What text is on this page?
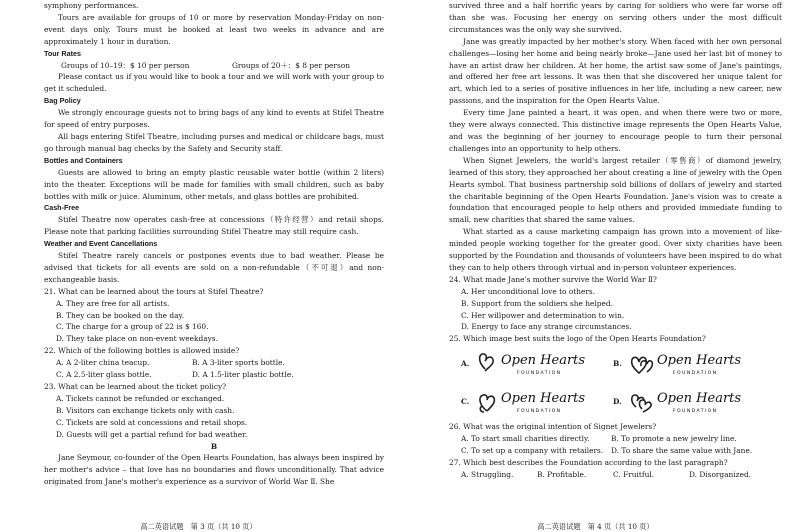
symphony performances.
Tours are available for groups of 10 or more by reservation Monday-Friday on non-event days only. Tours must be booked at least two weeks in advance and are approximately 1 hour in duration.
Tour Rates
Groups of 10–19：$ 10 per person	Groups of 20＋：$ 8 per person
Please contact us if you would like to book a tour and we will work with your group to get it scheduled.
Bag Policy
We strongly encourage guests not to bring bags of any kind to events at Stifel Theatre for speed of entry purposes.
All bags entering Stifel Theatre, including purses and medical or childcare bags, must go through manual bag checks by the Safety and Security staff.
Bottles and Containers
Guests are allowed to bring an empty plastic reusable water bottle (within 2 liters) into the theater. Exceptions will be made for families with small children, such as baby bottles with milk or juice. Aluminum, other metals, and glass bottles are prohibited.
Cash-Free
Stifel Theatre now operates cash-free at concessions（特许经营）and retail shops. Please note that parking facilities surrounding Stifel Theatre may still require cash.
Weather and Event Cancellations
Stifel Theatre rarely cancels or postpones events due to bad weather. Please be advised that tickets for all events are sold on a non-refundable（不可退）and non-exchangeable basis.
21. What can be learned about the tours at Stifel Theatre?
A. They are free for all artists.
B. They can be booked on the day.
C. The charge for a group of 22 is $ 160.
D. They take place on non-event weekdays.
22. Which of the following bottles is allowed inside?
A. A 2-liter china teacup.	B. A 3-liter sports bottle.
C. A 2.5-liter glass bottle.	D. A 1.5-liter plastic bottle.
23. What can be learned about the ticket policy?
A. Tickets cannot be refunded or exchanged.
B. Visitors can exchange tickets only with cash.
C. Tickets are sold at concessions and retail shops.
D. Guests will get a partial refund for bad weather.
B
Jane Seymour, co-founder of the Open Hearts Foundation, has always been inspired by her mother's advice – that love has no boundaries and flows unconditionally. That advice originated from Jane's mother's experience as a survivor of World War Ⅱ. She
高二英语试题　第 3 页（共 10 页）
survived three and a half horrific years by caring for soldiers who were far worse off than she was. Focusing her energy on serving others under the most difficult circumstances was the only way she survived.
Jane was greatly impacted by her mother's story. When faced with her own personal challenges—losing her home and being nearly broke—Jane used her last bit of money to have an artist draw her children. At her home, the artist saw some of Jane's paintings, and offered her free art lessons. It was then that she discovered her unique talent for art, which led to a series of positive influences in her life, including a new career, new passions, and the inspiration for the Open Hearts Value.
Every time Jane painted a heart, it was open, and when there were two or more, they were always connected. This distinctive image represents the Open Hearts Value, and was the beginning of her journey to encourage people to turn their personal challenges into an opportunity to help others.
When Signet Jewelers, the world's largest retailer（零售商）of diamond jewelry, learned of this story, they approached her about creating a line of jewelry with the Open Hearts symbol. That business partnership sold billions of dollars of jewelry and started the charitable beginning of the Open Hearts Foundation. Jane's vision was to create a foundation that encouraged people to help others and provided immediate funding to small, new charities that shared the same values.
What started as a cause marketing campaign has grown into a movement of like-minded people working together for the greater good. Over sixty charities have been supported by the Foundation and thousands of volunteers have been inspired to do what they can to help others through virtual and in-person volunteer experiences.
24. What made Jane's mother survive the World War Ⅱ?
A. Her unconditional love to others.
B. Support from the soldiers she helped.
C. Her willpower and determination to win.
D. Energy to face any strange circumstances.
25. Which image best suits the logo of the Open Hearts Foundation?
A.	Open Hearts
FOUNDATION
B.	Open Hearts
FOUNDATION
C.	Open Hearts
FOUNDATION
D.	Open Hearts
FOUNDATION
26. What was the original intention of Signet Jewelers?
A. To start small charities directly.	B. To promote a new jewelry line.
C. To set up a company with retailers.	D. To share the same value with Jane.
27. Which best describes the Foundation according to the last paragraph?
A. Struggling.	B. Profitable.	C. Fruitful.	D. Disorganized.
高二英语试题　第 4 页（共 10 页）
